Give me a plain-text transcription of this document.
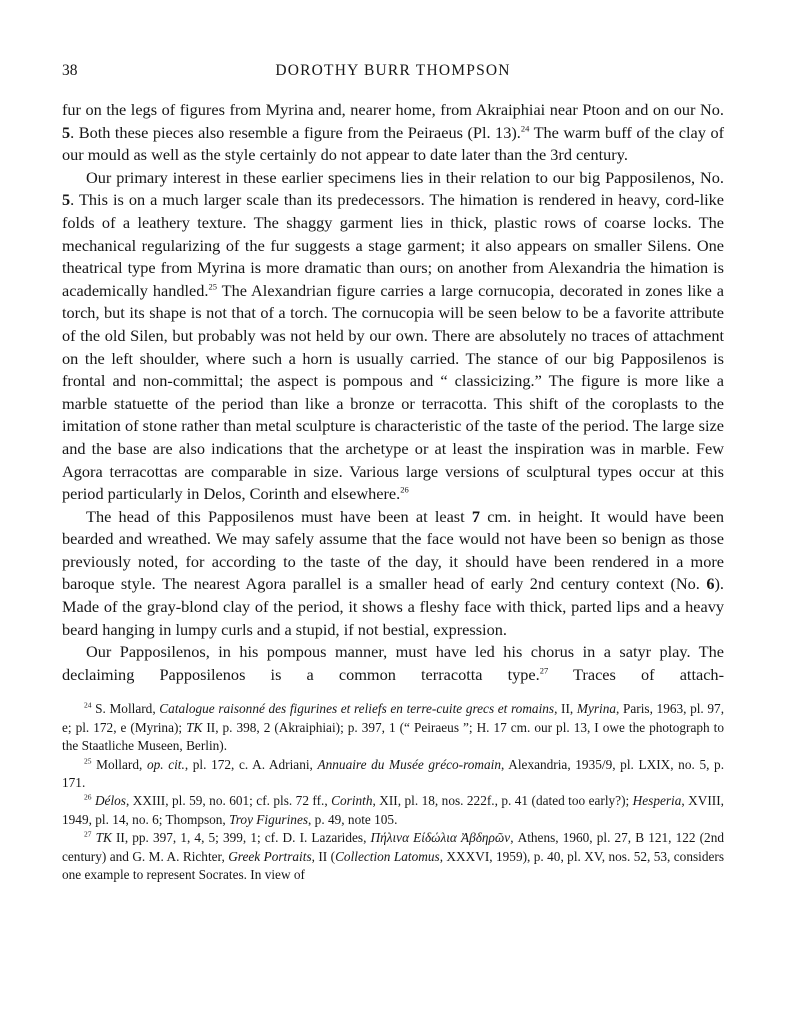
38	DOROTHY BURR THOMPSON

fur on the legs of figures from Myrina and, nearer home, from Akraiphiai near Ptoon and on our No. 5. Both these pieces also resemble a figure from the Peiraeus (Pl. 13).$^{24}$ The warm buff of the clay of our mould as well as the style certainly do not appear to date later than the 3rd century.

Our primary interest in these earlier specimens lies in their relation to our big Papposilenos, No. 5. This is on a much larger scale than its predecessors. The himation is rendered in heavy, cord-like folds of a leathery texture. The shaggy garment lies in thick, plastic rows of coarse locks. The mechanical regularizing of the fur suggests a stage garment; it also appears on smaller Silens. One theatrical type from Myrina is more dramatic than ours; on another from Alexandria the himation is academically handled.$^{25}$ The Alexandrian figure carries a large cornucopia, decorated in zones like a torch, but its shape is not that of a torch. The cornucopia will be seen below to be a favorite attribute of the old Silen, but probably was not held by our own. There are absolutely no traces of attachment on the left shoulder, where such a horn is usually carried. The stance of our big Papposilenos is frontal and non-committal; the aspect is pompous and “ classicizing.” The figure is more like a marble statuette of the period than like a bronze or terracotta. This shift of the coroplasts to the imitation of stone rather than metal sculpture is characteristic of the taste of the period. The large size and the base are also indications that the archetype or at least the inspiration was in marble. Few Agora terracottas are comparable in size. Various large versions of sculptural types occur at this period particularly in Delos, Corinth and elsewhere.$^{26}$

The head of this Papposilenos must have been at least 7 cm. in height. It would have been bearded and wreathed. We may safely assume that the face would not have been so benign as those previously noted, for according to the taste of the day, it should have been rendered in a more baroque style. The nearest Agora parallel is a smaller head of early 2nd century context (No. 6). Made of the gray-blond clay of the period, it shows a fleshy face with thick, parted lips and a heavy beard hanging in lumpy curls and a stupid, if not bestial, expression.

Our Papposilenos, in his pompous manner, must have led his chorus in a satyr play. The declaiming Papposilenos is a common terracotta type.$^{27}$ Traces of attach-

$^{24}$ S. Mollard, Catalogue raisonné des figurines et reliefs en terre-cuite grecs et romains, II, Myrina, Paris, 1963, pl. 97, e; pl. 172, e (Myrina); TK II, p. 398, 2 (Akraiphiai); p. 397, 1 (“ Peiraeus ”; H. 17 cm. our pl. 13, I owe the photograph to the Staatliche Museen, Berlin).

$^{25}$ Mollard, op. cit., pl. 172, c. A. Adriani, Annuaire du Musée gréco-romain, Alexandria, 1935/9, pl. LXIX, no. 5, p. 171.

$^{26}$ Délos, XXIII, pl. 59, no. 601; cf. pls. 72 ff., Corinth, XII, pl. 18, nos. 222f., p. 41 (dated too early?); Hesperia, XVIII, 1949, pl. 14, no. 6; Thompson, Troy Figurines, p. 49, note 105.

$^{27}$ TK II, pp. 397, 1, 4, 5; 399, 1; cf. D. I. Lazarides, Πήλινα Είδώλια Ἀβδηρῶν, Athens, 1960, pl. 27, B 121, 122 (2nd century) and G. M. A. Richter, Greek Portraits, II (Collection Latomus, XXXVI, 1959), p. 40, pl. XV, nos. 52, 53, considers one example to represent Socrates. In view of
